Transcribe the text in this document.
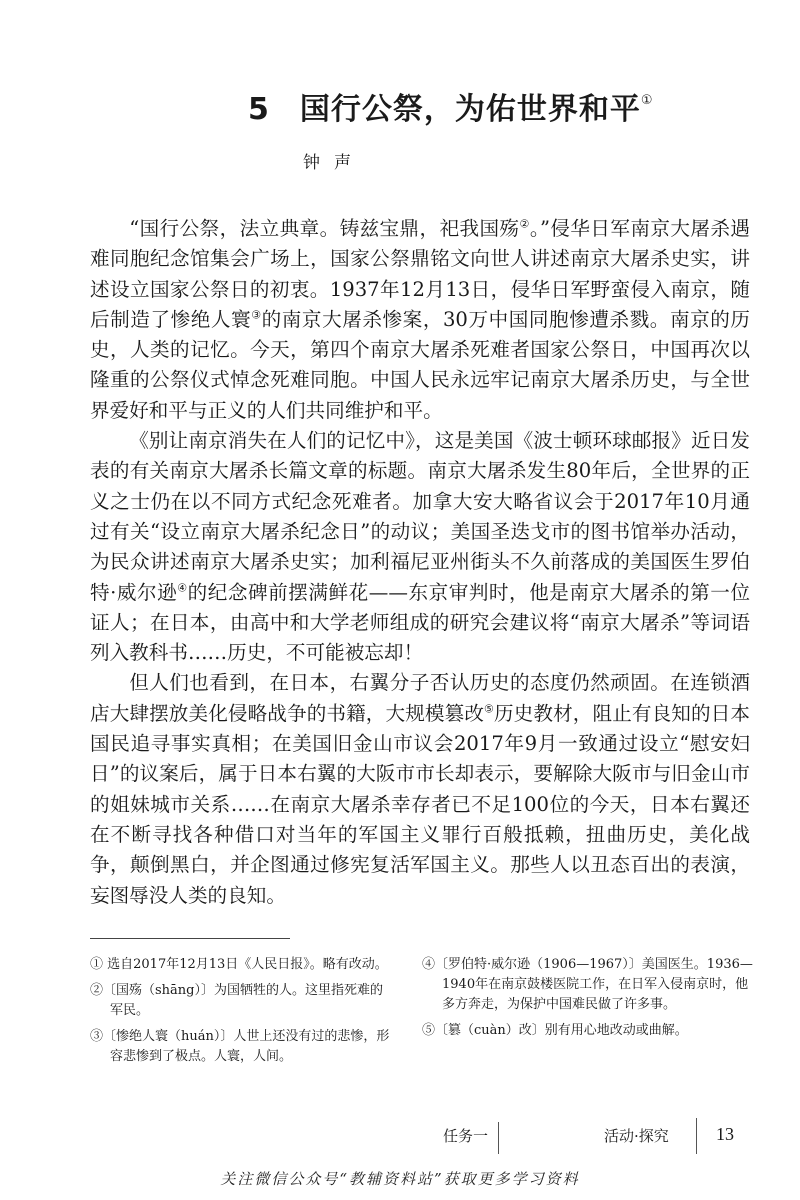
5 国行公祭，为佑世界和平①
钟声

“国行公祭，法立典章。铸兹宝鼎，祀我国殇②。”侵华日军南京大屠杀遇难同胞纪念馆集会广场上，国家公祭鼎铭文向世人讲述南京大屠杀史实，讲述设立国家公祭日的初衷。1937年12月13日，侵华日军野蛮侵入南京，随后制造了惨绝人寰③的南京大屠杀惨案，30万中国同胞惨遭杀戮。南京的历史，人类的记忆。今天，第四个南京大屠杀死难者国家公祭日，中国再次以隆重的公祭仪式悼念死难同胞。中国人民永远牢记南京大屠杀历史，与全世界爱好和平与正义的人们共同维护和平。

《别让南京消失在人们的记忆中》，这是美国《波士顿环球邮报》近日发表的有关南京大屠杀长篇文章的标题。南京大屠杀发生80年后，全世界的正义之士仍在以不同方式纪念死难者。加拿大安大略省议会于2017年10月通过有关“设立南京大屠杀纪念日”的动议；美国圣迭戈市的图书馆举办活动，为民众讲述南京大屠杀史实；加利福尼亚州街头不久前落成的美国医生罗伯特·威尔逊④的纪念碑前摆满鲜花——东京审判时，他是南京大屠杀的第一位证人；在日本，由高中和大学老师组成的研究会建议将“南京大屠杀”等词语列入教科书……历史，不可能被忘却！

但人们也看到，在日本，右翼分子否认历史的态度仍然顽固。在连锁酒店大肆摆放美化侵略战争的书籍，大规模篡改⑤历史教材，阻止有良知的日本国民追寻事实真相；在美国旧金山市议会2017年9月一致通过设立“慰安妇日”的议案后，属于日本右翼的大阪市市长却表示，要解除大阪市与旧金山市的姐妹城市关系……在南京大屠杀幸存者已不足100位的今天，日本右翼还在不断寻找各种借口对当年的军国主义罪行百般抵赖，扭曲历史，美化战争，颠倒黑白，并企图通过修宪复活军国主义。那些人以丑态百出的表演，妄图辱没人类的良知。

① 选自2017年12月13日《人民日报》。略有改动。

②〔国殇（shāng）〕为国牺牲的人。这里指死难的军民。

③〔惨绝人寰（huán）〕人世上还没有过的悲惨，形容悲惨到了极点。人寰，人间。

④〔罗伯特·威尔逊（1906—1967）〕美国医生。1936—1940年在南京鼓楼医院工作，在日军入侵南京时，他多方奔走，为保护中国难民做了许多事。

⑤〔篡（cuàn）改〕别有用心地改动或曲解。

任务一	活动·探究	13
关注微信公众号“教辅资料站”获取更多学习资料
